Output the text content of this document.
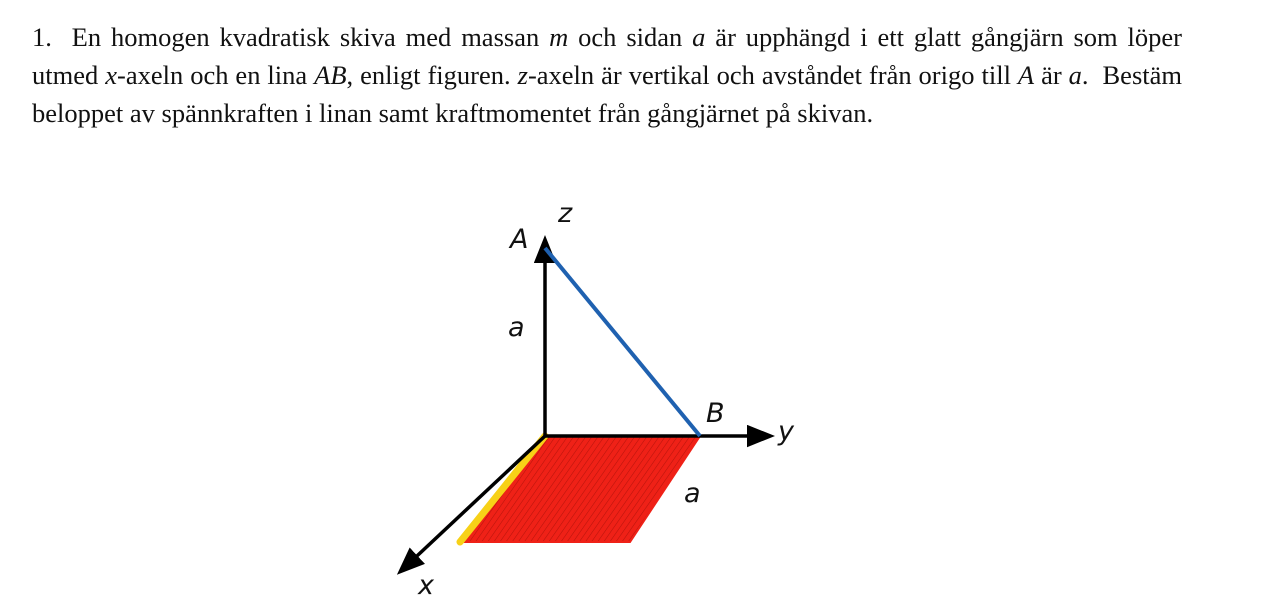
1.  En homogen kvadratisk skiva med massan m och sidan a är upphängd i ett glatt gångjärn som löper utmed x-axeln och en lina AB, enligt figuren. z-axeln är vertikal och avståndet från origo till A är a.  Bestäm beloppet av spännkraften i linan samt kraftmomentet från gångjärnet på skivan.

A
z
a
B
y
a
x
